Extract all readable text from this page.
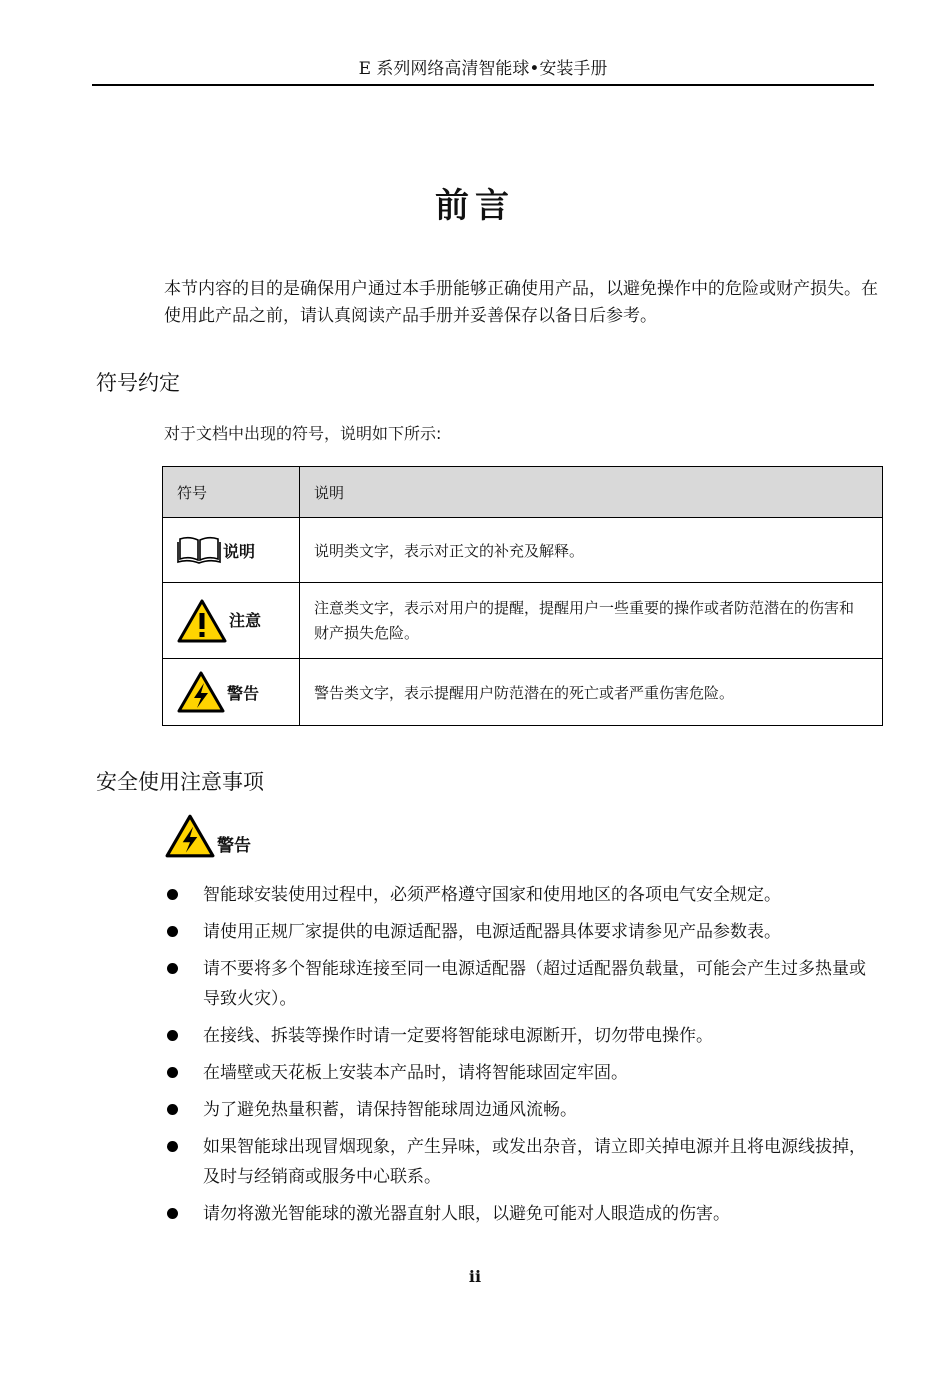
E 系列网络高清智能球•安装手册
前言

本节内容的目的是确保用户通过本手册能够正确使用产品，以避免操作中的危险或财产损失。在使用此产品之前，请认真阅读产品手册并妥善保存以备日后参考。

符号约定

对于文档中出现的符号，说明如下所示:

符号	说明

说明	说明类文字，表示对正文的补充及解释。

注意	注意类文字，表示对用户的提醒，提醒用户一些重要的操作或者防范潜在的伤害和财产损失危险。

警告	警告类文字，表示提醒用户防范潜在的死亡或者严重伤害危险。
安全使用注意事项
警告
智能球安装使用过程中，必须严格遵守国家和使用地区的各项电气安全规定。
请使用正规厂家提供的电源适配器，电源适配器具体要求请参见产品参数表。
请不要将多个智能球连接至同一电源适配器（超过适配器负载量，可能会产生过多热量或导致火灾）。
在接线、拆装等操作时请一定要将智能球电源断开，切勿带电操作。
在墙壁或天花板上安装本产品时，请将智能球固定牢固。
为了避免热量积蓄，请保持智能球周边通风流畅。
如果智能球出现冒烟现象，产生异味，或发出杂音，请立即关掉电源并且将电源线拔掉，及时与经销商或服务中心联系。
请勿将激光智能球的激光器直射人眼，以避免可能对人眼造成的伤害。

ii
